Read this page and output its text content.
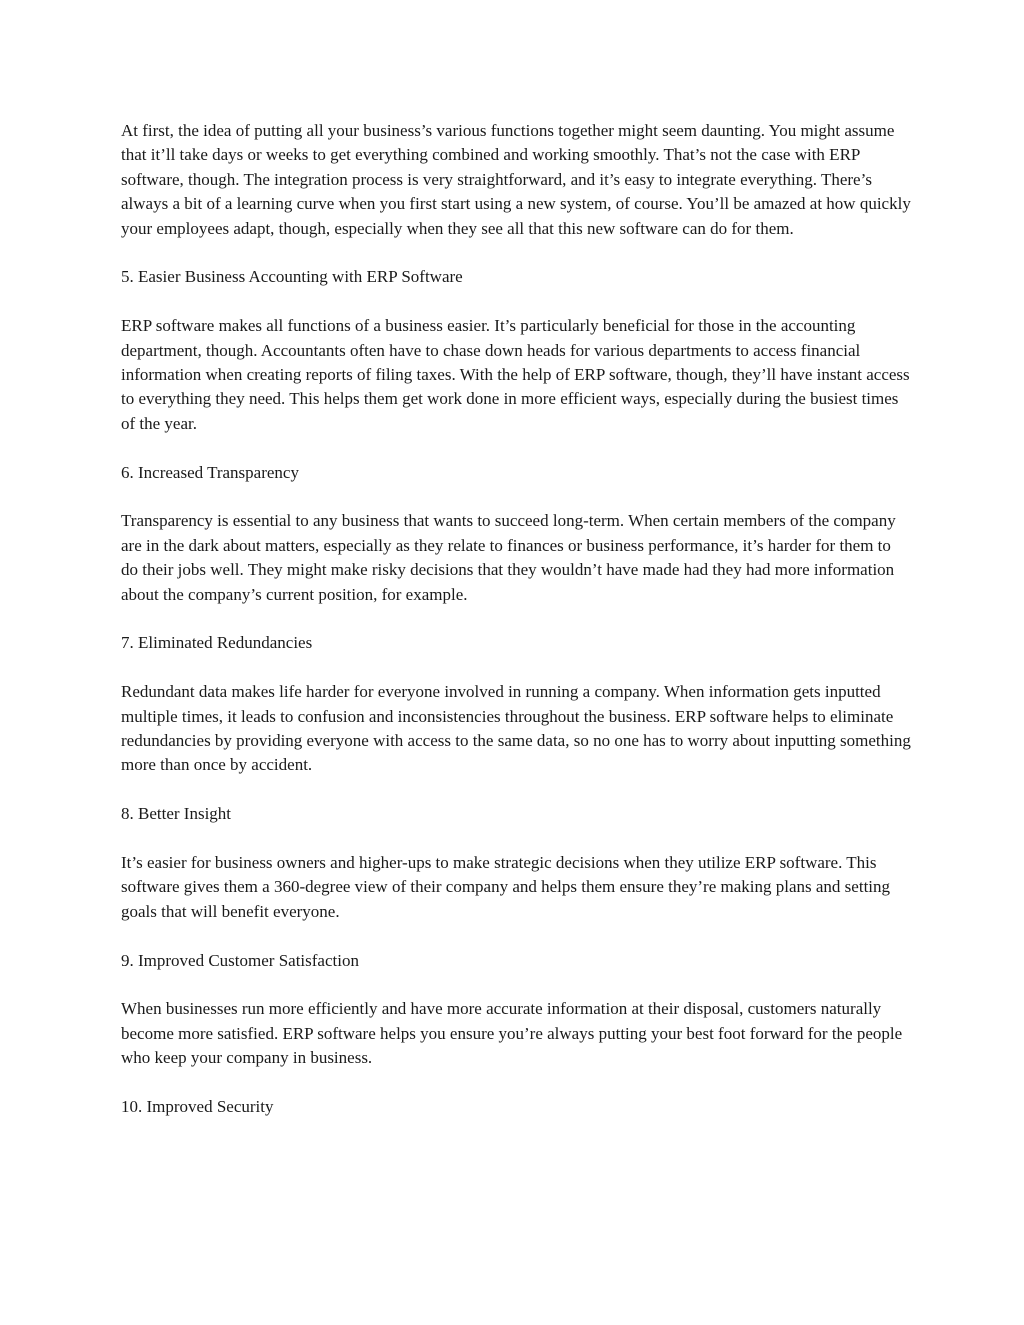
At first, the idea of putting all your business’s various functions together might seem daunting. You might assume that it’ll take days or weeks to get everything combined and working smoothly. That’s not the case with ERP software, though. The integration process is very straightforward, and it’s easy to integrate everything. There’s always a bit of a learning curve when you first start using a new system, of course. You’ll be amazed at how quickly your employees adapt, though, especially when they see all that this new software can do for them.

5. Easier Business Accounting with ERP Software

ERP software makes all functions of a business easier. It’s particularly beneficial for those in the accounting department, though. Accountants often have to chase down heads for various departments to access financial information when creating reports of filing taxes. With the help of ERP software, though, they’ll have instant access to everything they need. This helps them get work done in more efficient ways, especially during the busiest times of the year.

6. Increased Transparency

Transparency is essential to any business that wants to succeed long-term. When certain members of the company are in the dark about matters, especially as they relate to finances or business performance, it’s harder for them to do their jobs well. They might make risky decisions that they wouldn’t have made had they had more information about the company’s current position, for example.

7. Eliminated Redundancies

Redundant data makes life harder for everyone involved in running a company. When information gets inputted multiple times, it leads to confusion and inconsistencies throughout the business. ERP software helps to eliminate redundancies by providing everyone with access to the same data, so no one has to worry about inputting something more than once by accident.

8. Better Insight

It’s easier for business owners and higher-ups to make strategic decisions when they utilize ERP software. This software gives them a 360-degree view of their company and helps them ensure they’re making plans and setting goals that will benefit everyone.

9. Improved Customer Satisfaction

When businesses run more efficiently and have more accurate information at their disposal, customers naturally become more satisfied. ERP software helps you ensure you’re always putting your best foot forward for the people who keep your company in business.

10. Improved Security
